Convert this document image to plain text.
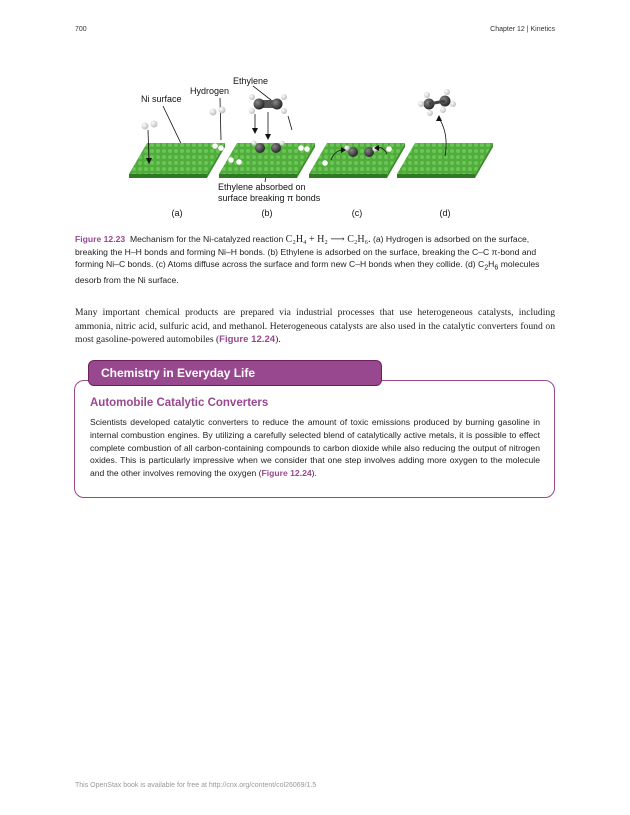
700	Chapter 12 | Kinetics
Ethylene
Hydrogen
Ni surface
Ethylene absorbed on
surface breaking π bonds
(a)	(b)	(c)	(d)
Figure 12.23 Mechanism for the Ni-catalyzed reaction C₂H₄ + H₂ ⟶ C₂H₆. (a) Hydrogen is adsorbed on the surface, breaking the H–H bonds and forming Ni–H bonds. (b) Ethylene is adsorbed on the surface, breaking the C–C π-bond and forming Ni–C bonds. (c) Atoms diffuse across the surface and form new C–H bonds when they collide. (d) $C_2H_6$ molecules desorb from the Ni surface.
Many important chemical products are prepared via industrial processes that use heterogeneous catalysts, including ammonia, nitric acid, sulfuric acid, and methanol. Heterogeneous catalysts are also used in the catalytic converters found on most gasoline-powered automobiles (Figure 12.24).
Chemistry in Everyday Life
Automobile Catalytic Converters
Scientists developed catalytic converters to reduce the amount of toxic emissions produced by burning gasoline in internal combustion engines. By utilizing a carefully selected blend of catalytically active metals, it is possible to effect complete combustion of all carbon-containing compounds to carbon dioxide while also reducing the output of nitrogen oxides. This is particularly impressive when we consider that one step involves adding more oxygen to the molecule and the other involves removing the oxygen (Figure 12.24).
This OpenStax book is available for free at http://cnx.org/content/col26069/1.5
